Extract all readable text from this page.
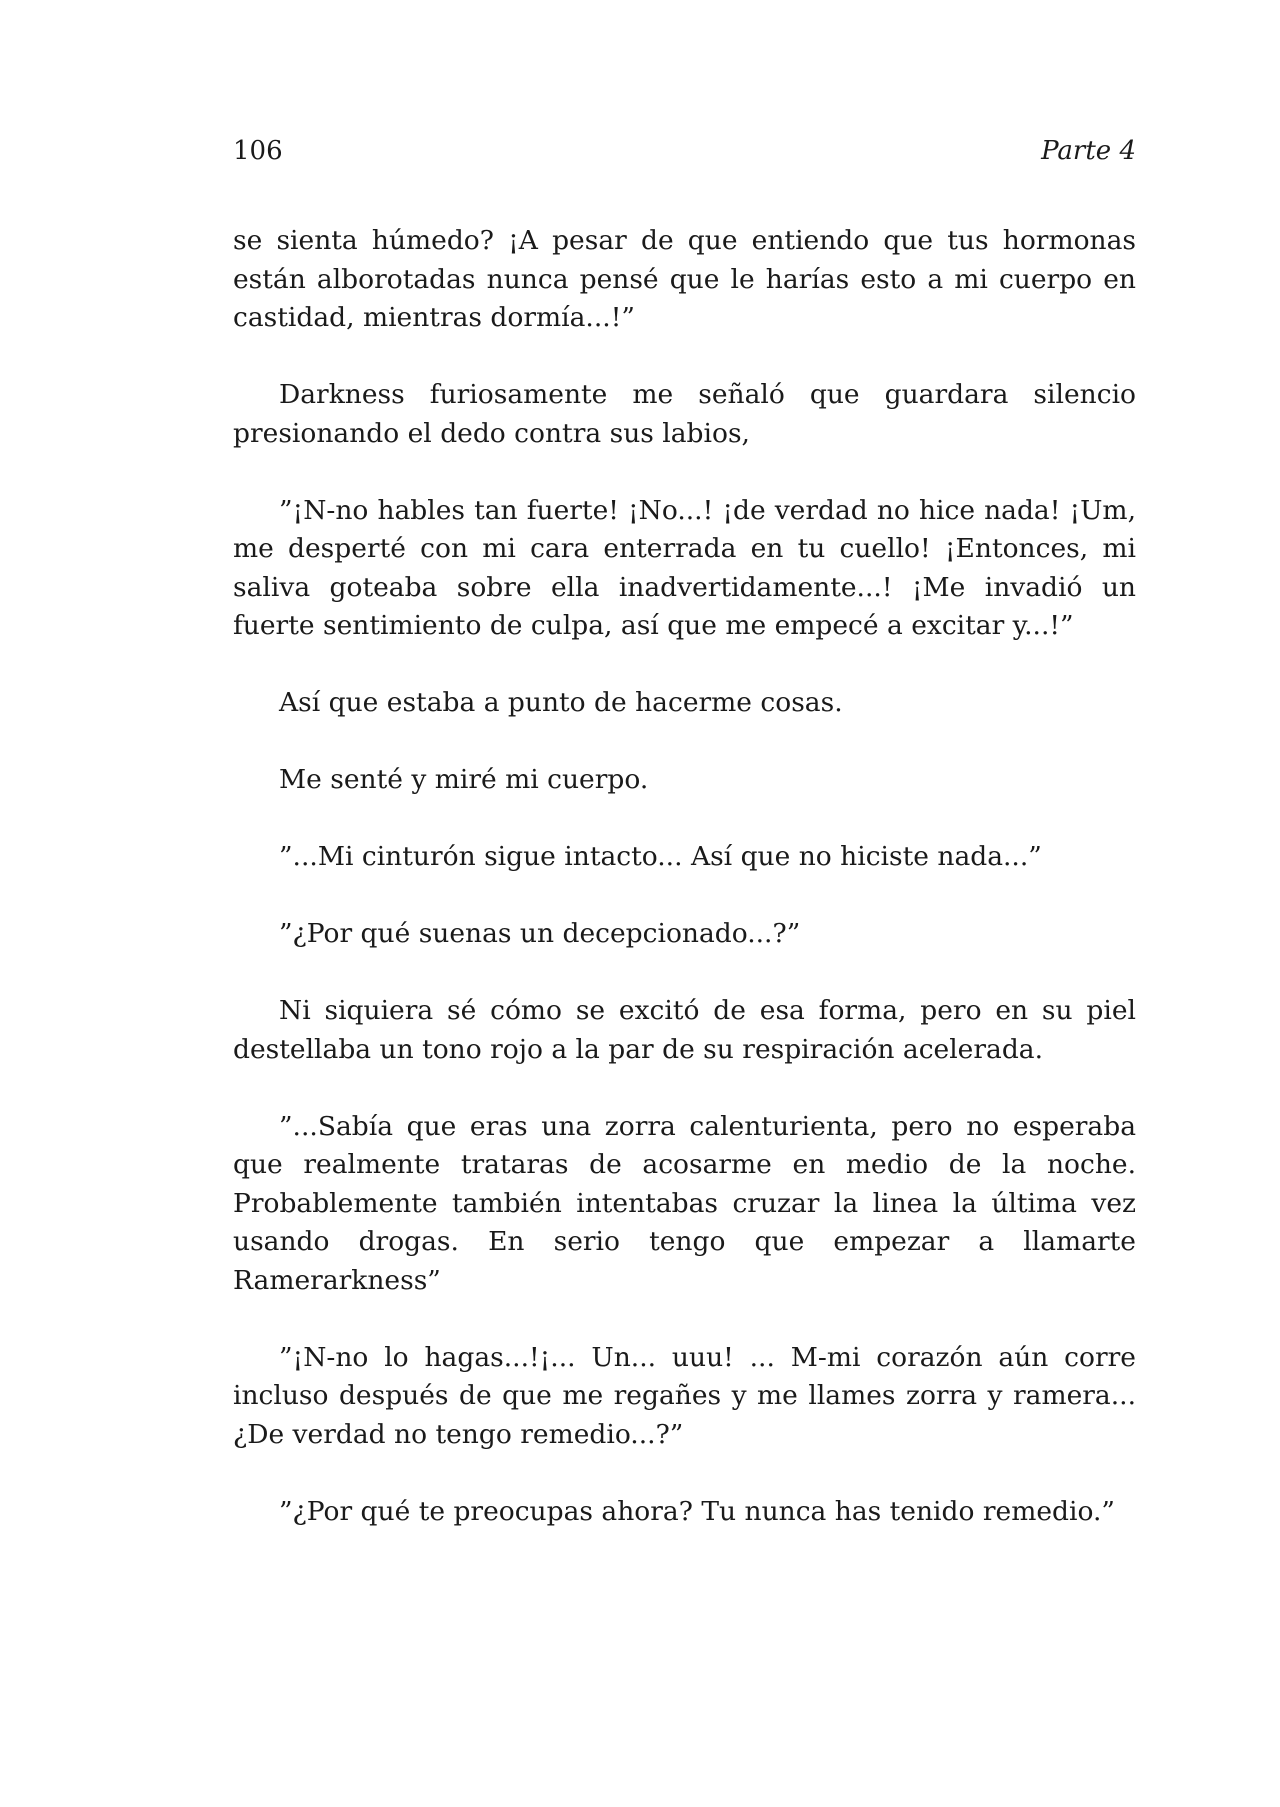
106	Parte 4

se sienta húmedo? ¡A pesar de que entiendo que tus hormonas están alborotadas nunca pensé que le harías esto a mi cuerpo en castidad, mientras dormía...!”

Darkness furiosamente me señaló que guardara silencio presionando el dedo contra sus labios,

”¡N-no hables tan fuerte! ¡No...! ¡de verdad no hice nada! ¡Um, me desperté con mi cara enterrada en tu cuello! ¡Entonces, mi saliva goteaba sobre ella inadvertidamente...! ¡Me invadió un fuerte sentimiento de culpa, así que me empecé a excitar y...!”

Así que estaba a punto de hacerme cosas.

Me senté y miré mi cuerpo.

”...Mi cinturón sigue intacto... Así que no hiciste nada...”

”¿Por qué suenas un decepcionado...?”

Ni siquiera sé cómo se excitó de esa forma, pero en su piel destellaba un tono rojo a la par de su respiración acelerada.

”...Sabía que eras una zorra calenturienta, pero no esperaba que realmente trataras de acosarme en medio de la noche. Probablemente también intentabas cruzar la linea la última vez usando drogas. En serio tengo que empezar a llamarte Ramerarkness”

”¡N-no lo hagas...!¡... Un... uuu! ... M-mi corazón aún corre incluso después de que me regañes y me llames zorra y ramera... ¿De verdad no tengo remedio...?”

”¿Por qué te preocupas ahora? Tu nunca has tenido remedio.”
